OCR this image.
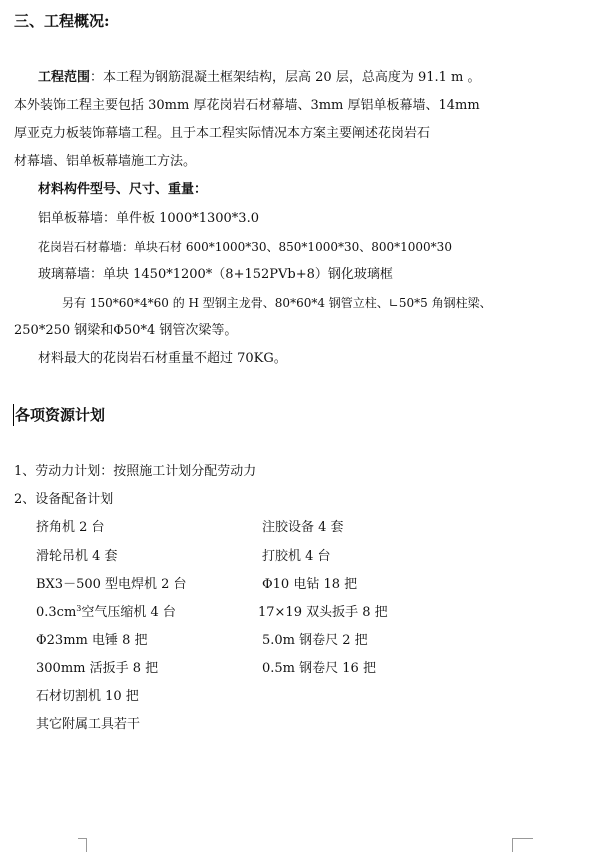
三、工程概况:
工程范围：本工程为钢筋混凝土框架结构，层高 20 层，总高度为 91.1 m 。
本外装饰工程主要包括 30mm 厚花岗岩石材幕墙、3mm 厚铝单板幕墙、14mm
厚亚克力板装饰幕墙工程。且于本工程实际情况本方案主要阐述花岗岩石
材幕墙、铝单板幕墙施工方法。
材料构件型号、尺寸、重量：
铝单板幕墙：单件板 1000*1300*3.0
花岗岩石材幕墙：单块石材 600*1000*30、850*1000*30、800*1000*30
玻璃幕墙：单块 1450*1200*（8+152PVb+8）钢化玻璃框
另有 150*60*4*60 的 H 型钢主龙骨、80*60*4 钢管立柱、∟50*5 角钢柱梁、
250*250 钢梁和Φ50*4 钢管次梁等。
材料最大的花岗岩石材重量不超过 70KG。
各项资源计划
1、劳动力计划：按照施工计划分配劳动力
2、设备配备计划
挤角机 2 台
滑轮吊机 4 套
BX3－500 型电焊机 2 台
$0.3cm^3$空气压缩机 4 台
Φ23mm 电锤 8 把
300mm 活扳手 8 把
石材切割机 10 把
其它附属工具若干
注胶设备 4 套
打胶机 4 台
Φ10 电钻 18 把
17×19 双头扳手 8 把
5.0m 钢卷尺 2 把
0.5m 钢卷尺 16 把
